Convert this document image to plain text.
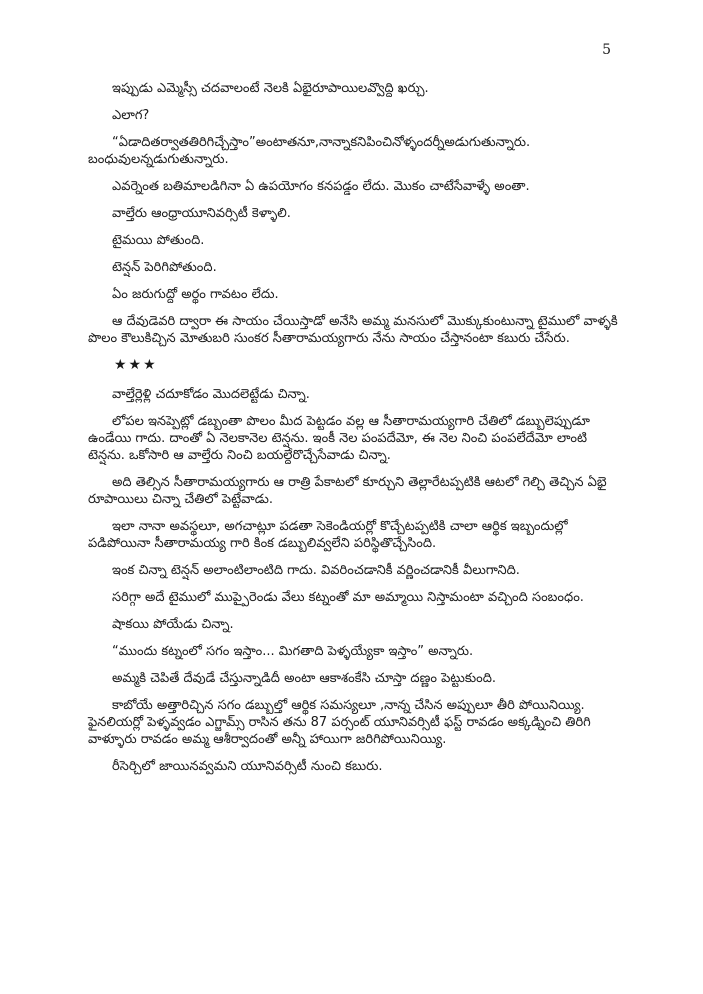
5

ఇప్పుడు ఎమ్మెస్సీ చదవాలంటే నెలకి ఏభైరూపాయిలవ్వొద్ది ఖర్చు.

ఎలాగ?

“ఏడాదితర్వాతతిరిగిచ్చేస్తాం”అంటాతనూ,నాన్నాకనిపించినోళ్ళందర్నీఅడుగుతున్నారు. బంధువులన్నడుగుతున్నారు.

ఎవర్నెంత బతిమాలడిగినా ఏ ఉపయోగం కనపడ్డం లేదు. మొకం చాటేసేవాళ్ళే అంతా.

వాల్తేరు ఆంధ్రాయూనివర్సిటీ కెళ్ళాలి.

టైమయి పోతుంది.

టెన్షన్ పెరిగిపోతుంది.

ఏం జరుగుద్దో అర్థం గావటం లేదు.

ఆ దేవుడెవరి ద్వారా ఈ సాయం చేయిస్తాడో అనేసి అమ్మ మనసులో మొక్కుకుంటున్నా టైములో వాళ్ళకి పొలం కౌలుకిచ్చిన మోతుబరి సుంకర సీతారామయ్యగారు నేను సాయం చేస్తానంటా కబురు చేసేరు.

★★★

వాల్తేర్లెళ్లి చదూకోడం మొదలెట్టేడు చిన్నా.

లోపల ఇనప్పెట్లో డబ్బంతా పొలం మీద పెట్టడం వల్ల ఆ సీతారామయ్యగారి చేతిలో డబ్బులెప్పుడూ ఉండేయి గాదు. దాంతో ఏ నెలకానెల టెన్షను. ఇంకీ నెల పంపదేమో, ఈ నెల నించి పంపలేదేమో లాంటి టెన్షను. ఒకోసారి ఆ వాల్తేరు నించి బయల్దేరొచ్చేసేవాడు చిన్నా.

అది తెల్సిన సీతారామయ్యగారు ఆ రాత్రి పేకాటలో కూర్చుని తెల్లారేటప్పటికి ఆటలో గెల్చి తెచ్చిన ఏభై రూపాయిలు చిన్నా చేతిలో పెట్టేవాడు.

ఇలా నానా అవస్థలూ, అగచాట్లూ పడతా సెకెండియర్లో కొచ్చేటప్పటికి చాలా ఆర్థిక ఇబ్బందుల్లో పడిపోయినా సీతారామయ్య గారి కింక డబ్బులివ్వలేని పరిస్థితొచ్చేసింది.

ఇంక చిన్నా టెన్షన్ అలాంటిలాంటిది గాదు. వివరించడానికీ వర్ణించడానికీ వీలుగానిది.

సరిగ్గా అదే టైములో ముప్పైరెండు వేలు కట్నంతో మా అమ్మాయి నిస్తామంటా వచ్చింది సంబంధం.

షాకయి పోయేడు చిన్నా.

“ముందు కట్నంలో సగం ఇస్తాం... మిగతాది పెళ్ళయ్యేకా ఇస్తాం” అన్నారు.

అమ్మకి చెపితే దేవుడే చేస్తున్నాడిదీ అంటా ఆకాశంకేసి చూస్తా దణ్ణం పెట్టుకుంది.

కాబోయే అత్తారిచ్చిన సగం డబ్బుల్తో ఆర్థిక సమస్యలూ ,నాన్న చేసిన అప్పులూ తీరి పోయినియ్యి. ఫైనలియర్లో పెళ్ళవ్వడం ఎగ్జామ్స్ రాసిన తను 87 పర్సంట్ యూనివర్సిటీ ఫస్ట్ రావడం అక్కడ్నించి తిరిగి వాళ్ళూరు రావడం అమ్మ ఆశీర్వాదంతో అన్నీ హాయిగా జరిగిపోయినియ్యి.

రీసెర్చిలో జాయినవ్వమని యూనివర్సిటీ నుంచి కబురు.
